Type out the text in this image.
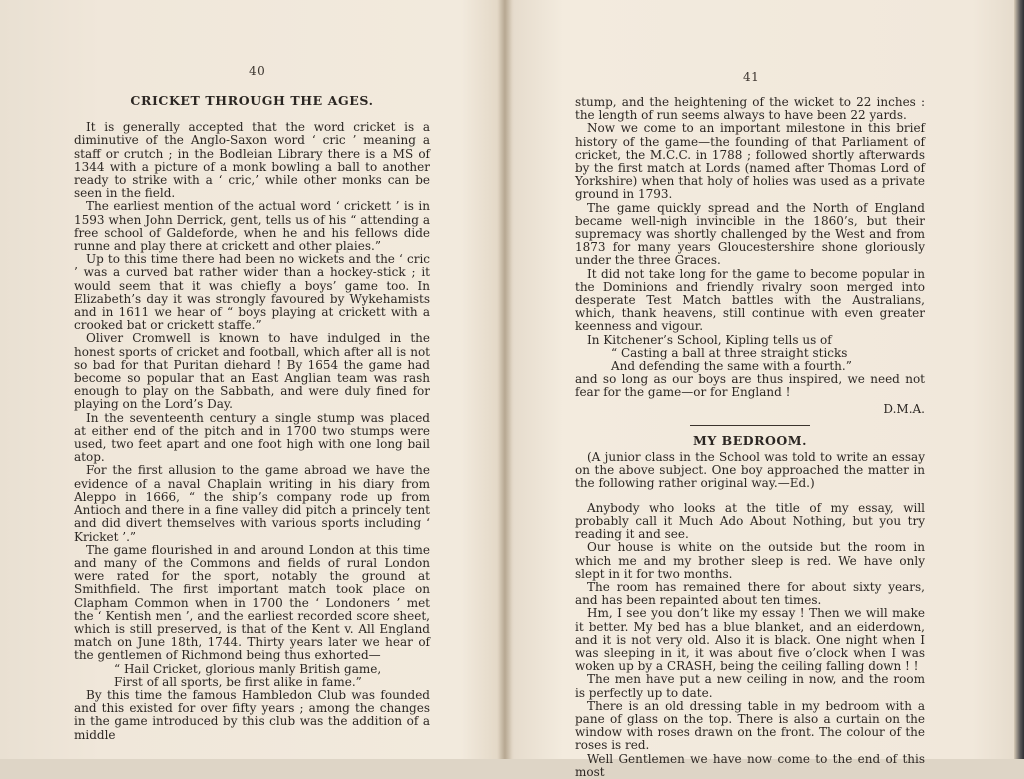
40
CRICKET THROUGH THE AGES.

It is generally accepted that the word cricket is a diminutive of the Anglo-Saxon word ‘ cric ’ meaning a staff or crutch ; in the Bodleian Library there is a MS of 1344 with a picture of a monk bowling a ball to another ready to strike with a ‘ cric,’ while other monks can be seen in the field.

The earliest mention of the actual word ‘ crickett ’ is in 1593 when John Derrick, gent, tells us of his “ attending a free school of Galdeforde, when he and his fellows dide runne and play there at crickett and other plaies.”

Up to this time there had been no wickets and the ‘ cric ’ was a curved bat rather wider than a hockey-stick ; it would seem that it was chiefly a boys’ game too. In Elizabeth’s day it was strongly favoured by Wykehamists and in 1611 we hear of “ boys playing at crickett with a crooked bat or crickett staffe.”

Oliver Cromwell is known to have indulged in the honest sports of cricket and football, which after all is not so bad for that Puritan diehard ! By 1654 the game had become so popular that an East Anglian team was rash enough to play on the Sabbath, and were duly fined for playing on the Lord’s Day.

In the seventeenth century a single stump was placed at either end of the pitch and in 1700 two stumps were used, two feet apart and one foot high with one long bail atop.

For the first allusion to the game abroad we have the evidence of a naval Chaplain writing in his diary from Aleppo in 1666, “ the ship’s company rode up from Antioch and there in a fine valley did pitch a princely tent and did divert themselves with various sports including ‘ Kricket ’.”

The game flourished in and around London at this time and many of the Commons and fields of rural London were rated for the sport, notably the ground at Smithfield. The first important match took place on Clapham Common when in 1700 the ‘ Londoners ’ met the ‘ Kentish men ’, and the earliest recorded score sheet, which is still preserved, is that of the Kent v. All England match on June 18th, 1744. Thirty years later we hear of the gentlemen of Richmond being thus exhorted—

“ Hail Cricket, glorious manly British game,

First of all sports, be first alike in fame.”

By this time the famous Hambledon Club was founded and this existed for over fifty years ; among the changes in the game introduced by this club was the addition of a middle

41

stump, and the heightening of the wicket to 22 inches : the length of run seems always to have been 22 yards.

Now we come to an important milestone in this brief history of the game—the founding of that Parliament of cricket, the M.C.C. in 1788 ; followed shortly afterwards by the first match at Lords (named after Thomas Lord of Yorkshire) when that holy of holies was used as a private ground in 1793.

The game quickly spread and the North of England became well-nigh invincible in the 1860’s, but their supremacy was shortly challenged by the West and from 1873 for many years Gloucestershire shone gloriously under the three Graces.

It did not take long for the game to become popular in the Dominions and friendly rivalry soon merged into desperate Test Match battles with the Australians, which, thank heavens, still continue with even greater keenness and vigour.

In Kitchener’s School, Kipling tells us of

“ Casting a ball at three straight sticks

And defending the same with a fourth.”

and so long as our boys are thus inspired, we need not fear for the game—or for England !

D.M.A.

MY BEDROOM.

(A junior class in the School was told to write an essay on the above subject. One boy approached the matter in the following rather original way.—Ed.)

Anybody who looks at the title of my essay, will probably call it Much Ado About Nothing, but you try reading it and see.

Our house is white on the outside but the room in which me and my brother sleep is red. We have only slept in it for two months.

The room has remained there for about sixty years, and has been repainted about ten times.

Hm, I see you don’t like my essay ! Then we will make it better. My bed has a blue blanket, and an eiderdown, and it is not very old. Also it is black. One night when I was sleeping in it, it was about five o’clock when I was woken up by a CRASH, being the ceiling falling down ! !

The men have put a new ceiling in now, and the room is perfectly up to date.

There is an old dressing table in my bedroom with a pane of glass on the top. There is also a curtain on the window with roses drawn on the front. The colour of the roses is red.

Well Gentlemen we have now come to the end of this most
